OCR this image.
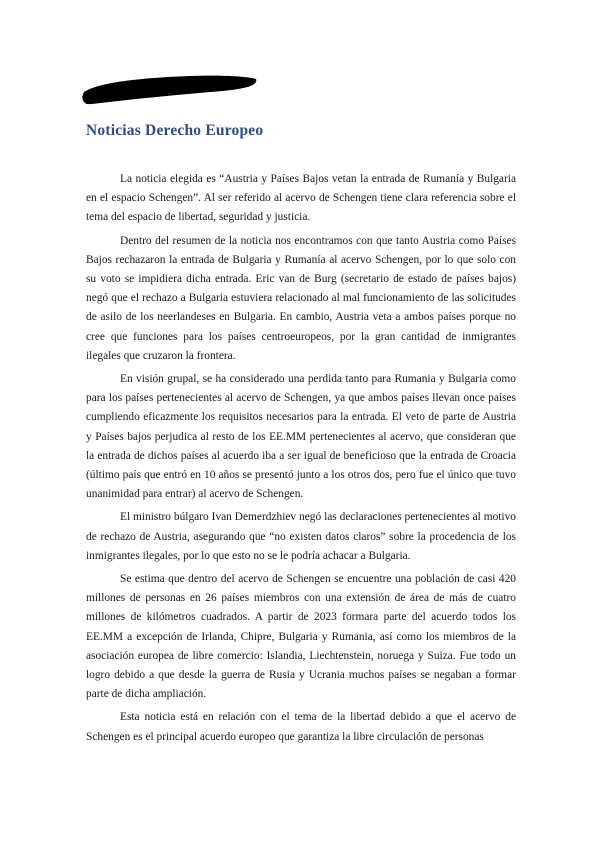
Noticias Derecho Europeo

La noticia elegida es “Austria y Países Bajos vetan la entrada de Rumanía y Bulgaria en el espacio Schengen”. Al ser referido al acervo de Schengen tiene clara referencia sobre el tema del espacio de libertad, seguridad y justicia.

Dentro del resumen de la noticia nos encontramos con que tanto Austria como Países Bajos rechazaron la entrada de Bulgaria y Rumanía al acervo Schengen, por lo que solo con su voto se impidiera dicha entrada. Eric van de Burg (secretario de estado de países bajos) negó que el rechazo a Bulgaria estuviera relacionado al mal funcionamiento de las solicitudes de asilo de los neerlandeses en Bulgaria. En cambio, Austria veta a ambos países porque no cree que funciones para los países centroeuropeos, por la gran cantidad de inmigrantes ilegales que cruzaron la frontera.

En visión grupal, se ha considerado una perdida tanto para Rumania y Bulgaria como para los países pertenecientes al acervo de Schengen, ya que ambos países llevan once países cumpliendo eficazmente los requisitos necesarios para la entrada. El veto de parte de Austria y Países bajos perjudica al resto de los EE.MM pertenecientes al acervo, que consideran que la entrada de dichos países al acuerdo iba a ser igual de beneficioso que la entrada de Croacia (último país que entró en 10 años se presentó junto a los otros dos, pero fue el único que tuvo unanimidad para entrar) al acervo de Schengen.

El ministro búlgaro Ivan Demerdzhiev negó las declaraciones pertenecientes al motivo de rechazo de Austria, asegurando que “no existen datos claros” sobre la procedencia de los inmigrantes ilegales, por lo que esto no se le podría achacar a Bulgaria.

Se estima que dentro del acervo de Schengen se encuentre una población de casi 420 millones de personas en 26 países miembros con una extensión de área de más de cuatro millones de kilómetros cuadrados. A partir de 2023 formara parte del acuerdo todos los EE.MM a excepción de Irlanda, Chipre, Bulgaria y Rumania, así como los miembros de la asociación europea de libre comercio: Islandia, Liechtenstein, noruega y Suiza. Fue todo un logro debido a que desde la guerra de Rusia y Ucrania muchos países se negaban a formar parte de dicha ampliación.

Esta noticia está en relación con el tema de la libertad debido a que el acervo de Schengen es el principal acuerdo europeo que garantiza la libre circulación de personas
